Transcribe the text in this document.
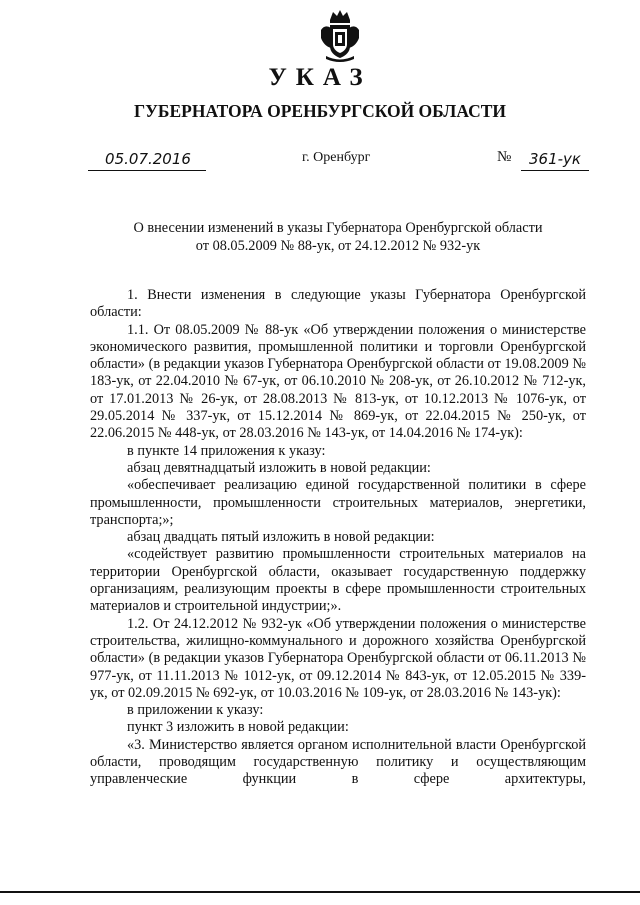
УКАЗ
ГУБЕРНАТОРА ОРЕНБУРГСКОЙ ОБЛАСТИ
05.07.2016	г. Оренбург	№	361-ук
О внесении изменений в указы Губернатора Оренбургской области
от 08.05.2009 № 88-ук, от 24.12.2012 № 932-ук

1. Внести изменения в следующие указы Губернатора Оренбургской области:

1.1. От 08.05.2009 № 88-ук «Об утверждении положения о министерстве экономического развития, промышленной политики и торговли Оренбургской области» (в редакции указов Губернатора Оренбургской области от 19.08.2009 № 183-ук, от 22.04.2010 № 67-ук, от 06.10.2010 № 208-ук, от 26.10.2012 № 712-ук, от 17.01.2013 № 26-ук, от 28.08.2013 № 813-ук, от 10.12.2013 № 1076-ук, от 29.05.2014 № 337-ук, от 15.12.2014 № 869-ук, от 22.04.2015 № 250-ук, от 22.06.2015 № 448-ук, от 28.03.2016 № 143-ук, от 14.04.2016 № 174-ук):

в пункте 14 приложения к указу:

абзац девятнадцатый изложить в новой редакции:

«обеспечивает реализацию единой государственной политики в сфере промышленности, промышленности строительных материалов, энергетики, транспорта;»;

абзац двадцать пятый изложить в новой редакции:

«содействует развитию промышленности строительных материалов на территории Оренбургской области, оказывает государственную поддержку организациям, реализующим проекты в сфере промышленности строительных материалов и строительной индустрии;».

1.2. От 24.12.2012 № 932-ук «Об утверждении положения о министерстве строительства, жилищно-коммунального и дорожного хозяйства Оренбургской области» (в редакции указов Губернатора Оренбургской области от 06.11.2013 № 977-ук, от 11.11.2013 № 1012-ук, от 09.12.2014 № 843-ук, от 12.05.2015 № 339-ук, от 02.09.2015 № 692-ук, от 10.03.2016 № 109-ук, от 28.03.2016 № 143-ук):

в приложении к указу:

пункт 3 изложить в новой редакции:

«3. Министерство является органом исполнительной власти Оренбургской области, проводящим государственную политику и осуществляющим управленческие функции в сфере архитектуры,
